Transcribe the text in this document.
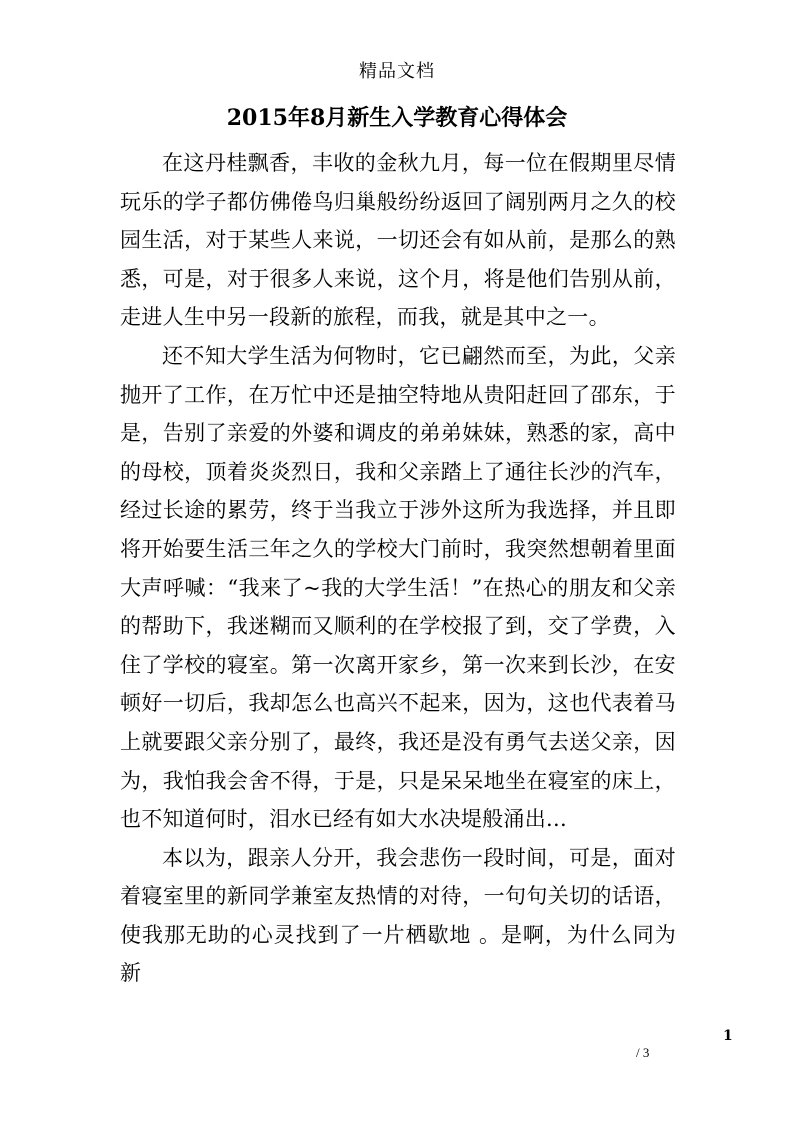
精品文档
2015年8月新生入学教育心得体会

在这丹桂飘香，丰收的金秋九月，每一位在假期里尽情玩乐的学子都仿佛倦鸟归巢般纷纷返回了阔别两月之久的校园生活，对于某些人来说，一切还会有如从前，是那么的熟悉，可是，对于很多人来说，这个月，将是他们告别从前，走进人生中另一段新的旅程，而我，就是其中之一。

还不知大学生活为何物时，它已翩然而至，为此，父亲抛开了工作，在万忙中还是抽空特地从贵阳赶回了邵东，于是，告别了亲爱的外婆和调皮的弟弟妹妹，熟悉的家，高中的母校，顶着炎炎烈日，我和父亲踏上了通往长沙的汽车，经过长途的累劳，终于当我立于涉外这所为我选择，并且即将开始要生活三年之久的学校大门前时，我突然想朝着里面大声呼喊：“我来了~我的大学生活！”在热心的朋友和父亲的帮助下，我迷糊而又顺利的在学校报了到，交了学费，入住了学校的寝室。第一次离开家乡，第一次来到长沙，在安顿好一切后，我却怎么也高兴不起来，因为，这也代表着马上就要跟父亲分别了，最终，我还是没有勇气去送父亲，因为，我怕我会舍不得，于是，只是呆呆地坐在寝室的床上，也不知道何时，泪水已经有如大水决堤般涌出...

本以为，跟亲人分开，我会悲伤一段时间，可是，面对着寝室里的新同学兼室友热情的对待，一句句关切的话语，使我那无助的心灵找到了一片栖歇地 。是啊，为什么同为新

1
/ 3
